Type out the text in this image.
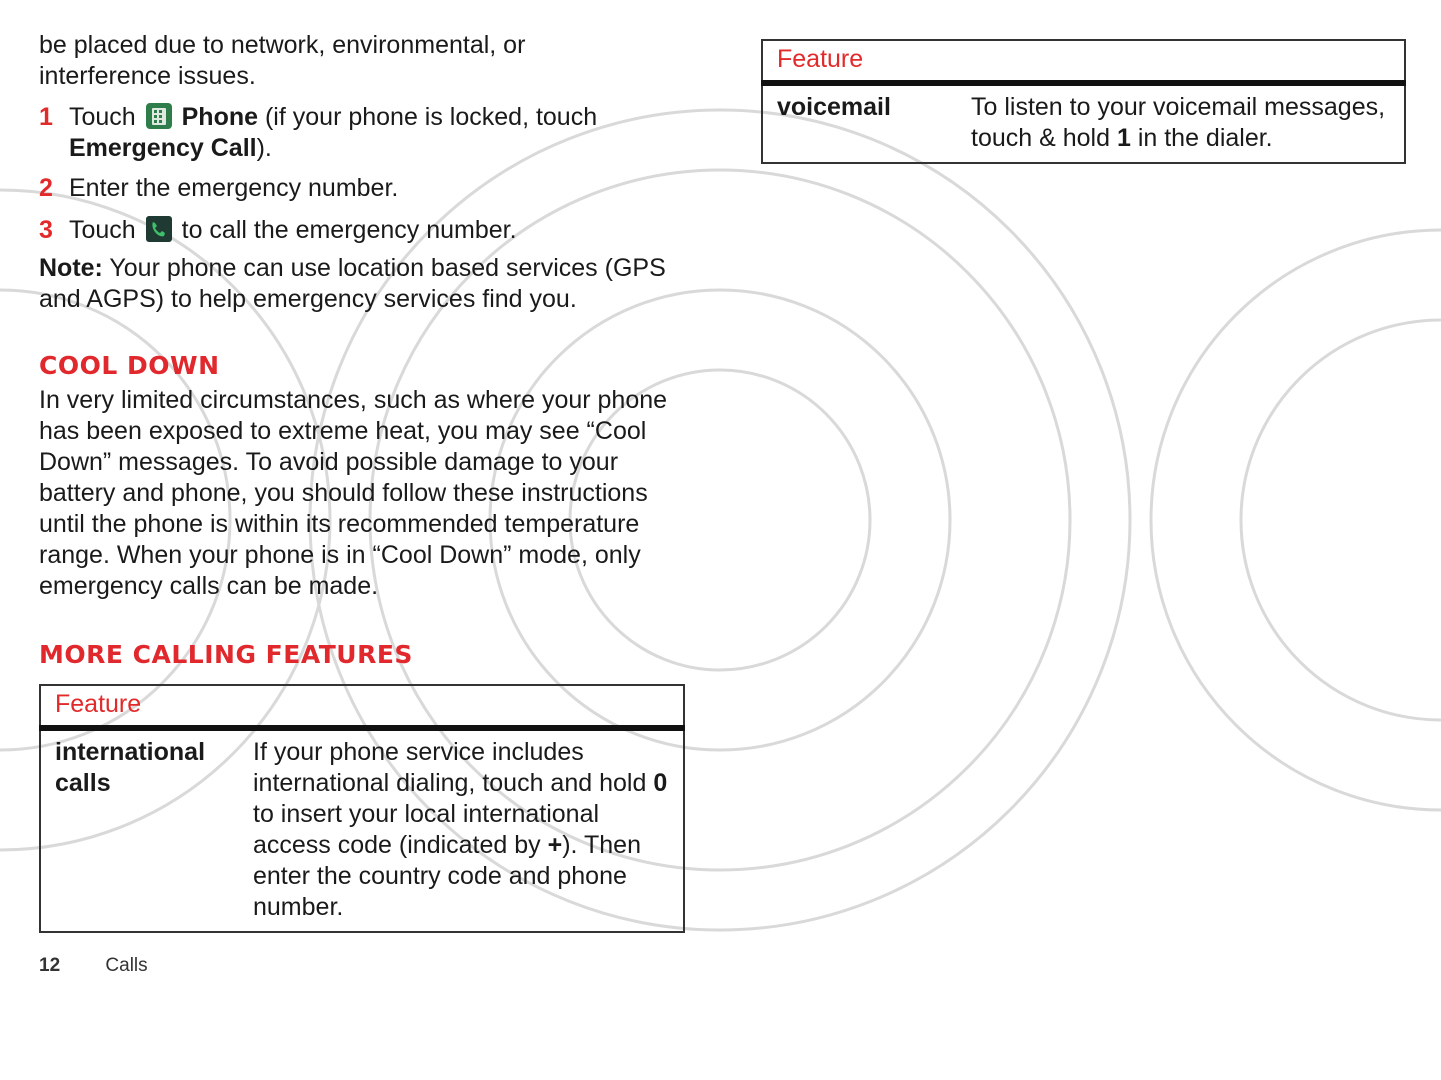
be placed due to network, environmental, or interference issues.

1 Touch Phone (if your phone is locked, touch Emergency Call).
2 Enter the emergency number.
3 Touch to call the emergency number.

Note: Your phone can use location based services (GPS and AGPS) to help emergency services find you.

COOL DOWN

In very limited circumstances, such as where your phone has been exposed to extreme heat, you may see “Cool Down” messages. To avoid possible damage to your battery and phone, you should follow these instructions until the phone is within its recommended temperature range. When your phone is in “Cool Down” mode, only emergency calls can be made.

MORE CALLING FEATURES
Feature
international calls	If your phone service includes international dialing, touch and hold 0 to insert your local international access code (indicated by +). Then enter the country code and phone number.
Feature
voicemail	To listen to your voicemail messages, touch & hold 1 in the dialer.
12 Calls
